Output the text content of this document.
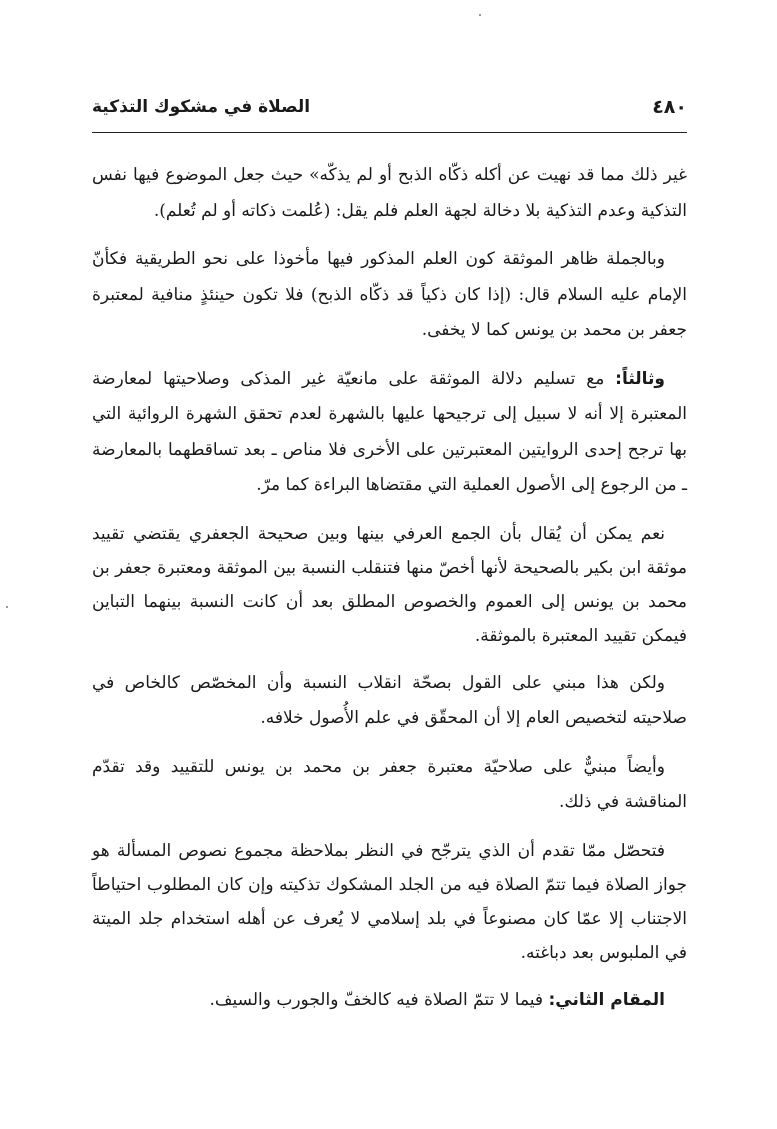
٤٨٠
الصلاة في مشكوك التذكية

غير ذلك مما قد نهيت عن أكله ذكّاه الذبح أو لم يذكّه» حيث جعل الموضوع فيها نفس التذكية وعدم التذكية بلا دخالة لجهة العلم فلم يقل: (عُلمت ذكاته أو لم تُعلم).

وبالجملة ظاهر الموثقة كون العلم المذكور فيها مأخوذا على نحو الطريقية فكأنّ الإمام عليه السلام قال: (إذا كان ذكياً قد ذكّاه الذبح) فلا تكون حينئذٍ منافية لمعتبرة جعفر بن محمد بن يونس كما لا يخفى.

وثالثاً: مع تسليم دلالة الموثقة على مانعيّة غير المذكى وصلاحيتها لمعارضة المعتبرة إلا أنه لا سبيل إلى ترجيحها عليها بالشهرة لعدم تحقق الشهرة الروائية التي بها ترجح إحدى الروايتين المعتبرتين على الأخرى فلا مناص ـ بعد تساقطهما بالمعارضة ـ من الرجوع إلى الأصول العملية التي مقتضاها البراءة كما مرّ.

نعم يمكن أن يُقال بأن الجمع العرفي بينها وبين صحيحة الجعفري يقتضي تقييد موثقة ابن بكير بالصحيحة لأنها أخصّ منها فتنقلب النسبة بين الموثقة ومعتبرة جعفر بن محمد بن يونس إلى العموم والخصوص المطلق بعد أن كانت النسبة بينهما التباين فيمكن تقييد المعتبرة بالموثقة.

ولكن هذا مبني على القول بصحّة انقلاب النسبة وأن المخصّص كالخاص في صلاحيته لتخصيص العام إلا أن المحقّق في علم الأُصول خلافه.

وأيضاً مبنيٌّ على صلاحيّة معتبرة جعفر بن محمد بن يونس للتقييد وقد تقدّم المناقشة في ذلك.

فتحصّل ممّا تقدم أن الذي يترجّح في النظر بملاحظة مجموع نصوص المسألة هو جواز الصلاة فيما تتمّ الصلاة فيه من الجلد المشكوك تذكيته وإن كان المطلوب احتياطاً الاجتناب إلا عمّا كان مصنوعاً في بلد إسلامي لا يُعرف عن أهله استخدام جلد الميتة في الملبوس بعد دباغته.

المقام الثاني: فيما لا تتمّ الصلاة فيه كالخفّ والجورب والسيف.
